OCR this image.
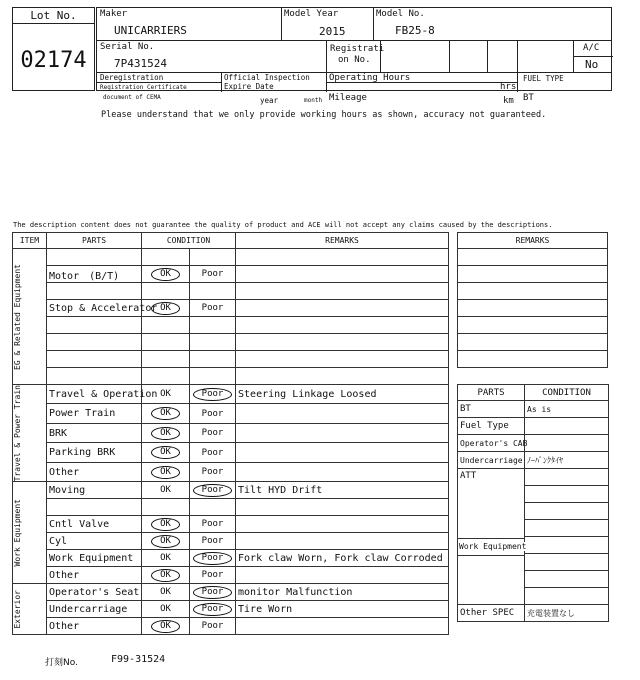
Lot No.
02174
Maker
UNICARRIERS
Model Year
2015
Model No.
FB25-8
Serial No.
7P431524
Registrati
on No.
A/C
No
Deregistration
Registration Certificate
document of CEMA
Official Inspection
Expire Date
year	month
Operating Hours
hrs
Mileage	km
FUEL TYPE
BT
Please understand that we only provide working hours as shown, accuracy not guaranteed.
The description content does not guarantee the quality of product and ACE will not accept any claims caused by the descriptions.
ITEM	PARTS	CONDITION		REMARKS

EG & Related Equipment				

	Motor　(B/T)	OK	Poor	

	Stop & Accelerator	OK	Poor	

Travel & Power Train	Travel & Operation	OK	Poor	Steering Linkage Loosed
	Power Train	OK	Poor	
	BRK	OK	Poor	
	Parking BRK	OK	Poor	
	Other	OK	Poor	

Work Equipment	Moving	OK	Poor	Tilt HYD Drift

	Cntl Valve	OK	Poor	
	Cyl	OK	Poor	
	Work Equipment	OK	Poor	Fork claw Worn, Fork claw Corroded
	Other	OK	Poor	

Exterior	Operator's Seat	OK	Poor	monitor Malfunction
	Undercarriage	OK	Poor	Tire Worn
	Other	OK	Poor	
REMARKS

PARTS	CONDITION
BT	As is
Fuel Type	
Operator's CAB	
Undercarriage	ﾉｰﾊﾟﾝｸﾀｲﾔ
ATT	

Work Equipment
Other SPEC	充電装置なし
打刻No.	F99-31524
